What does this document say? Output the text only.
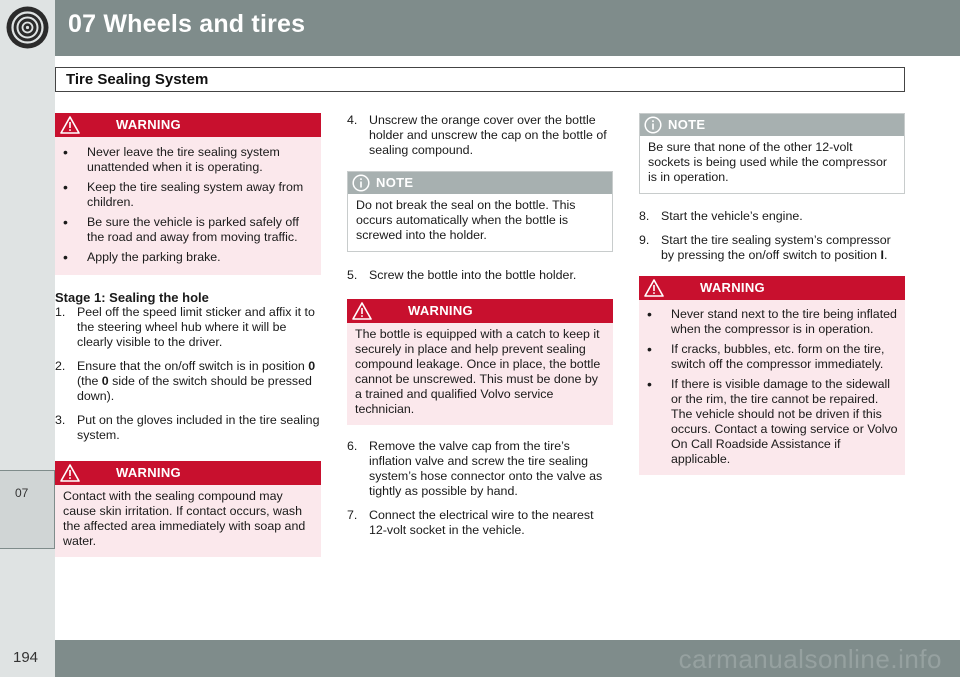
07 Wheels and tires
07
Tire Sealing System
WARNING
• Never leave the tire sealing system unattended when it is operating.
• Keep the tire sealing system away from children.
• Be sure the vehicle is parked safely off the road and away from moving traffic.
• Apply the parking brake.
Stage 1: Sealing the hole
1. Peel off the speed limit sticker and affix it to the steering wheel hub where it will be clearly visible to the driver.
2. Ensure that the on/off switch is in position 0 (the 0 side of the switch should be pressed down).
3. Put on the gloves included in the tire sealing system.
WARNING
Contact with the sealing compound may cause skin irritation. If contact occurs, wash the affected area immediately with soap and water.
4. Unscrew the orange cover over the bottle holder and unscrew the cap on the bottle of sealing compound.
NOTE
Do not break the seal on the bottle. This occurs automatically when the bottle is screwed into the holder.
5. Screw the bottle into the bottle holder.
WARNING
The bottle is equipped with a catch to keep it securely in place and help prevent sealing compound leakage. Once in place, the bottle cannot be unscrewed. This must be done by a trained and qualified Volvo service technician.
6. Remove the valve cap from the tire’s inflation valve and screw the tire sealing system’s hose connector onto the valve as tightly as possible by hand.
7. Connect the electrical wire to the nearest 12-volt socket in the vehicle.
NOTE
Be sure that none of the other 12-volt sockets is being used while the compressor is in operation.
8. Start the vehicle’s engine.
9. Start the tire sealing system’s compressor by pressing the on/off switch to position I.
WARNING
• Never stand next to the tire being inflated when the compressor is in operation.
• If cracks, bubbles, etc. form on the tire, switch off the compressor immediately.
• If there is visible damage to the sidewall or the rim, the tire cannot be repaired. The vehicle should not be driven if this occurs. Contact a towing service or Volvo On Call Roadside Assistance if applicable.
carmanualsonline.info
194
